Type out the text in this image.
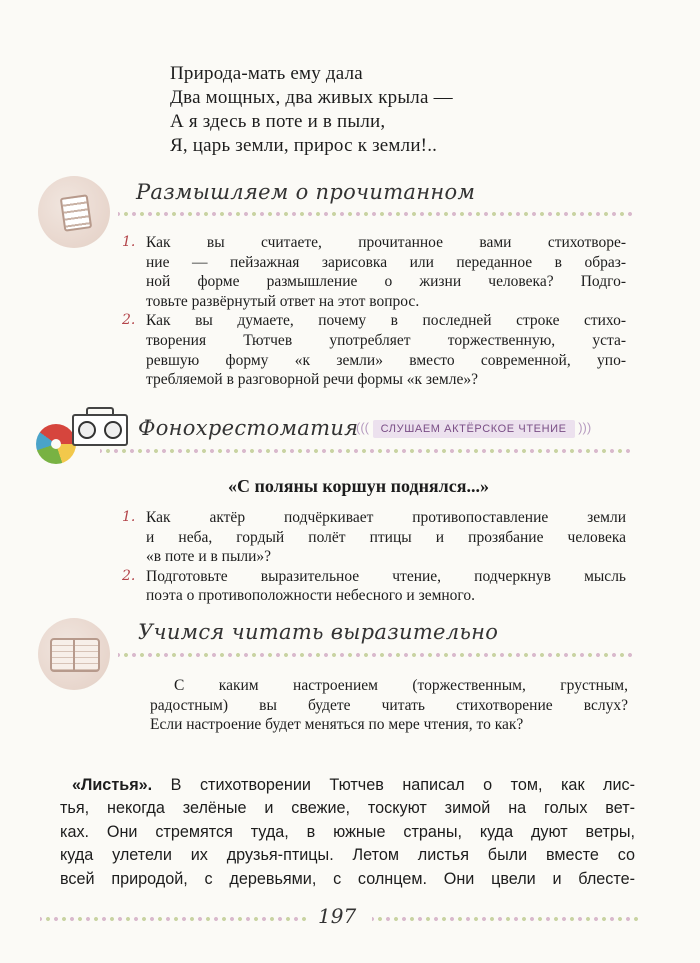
Природа-мать ему дала
Два мощных, два живых крыла —
А я здесь в поте и в пыли,
Я, царь земли, прирос к земли!..
Размышляем о прочитанном
1. Как вы считаете, прочитанное вами стихотворе-
ние — пейзажная зарисовка или переданное в образ-
ной форме размышление о жизни человека? Подго-
товьте развёрнутый ответ на этот вопрос.
2. Как вы думаете, почему в последней строке стихо-
творения Тютчев употребляет торжественную, уста-
ревшую форму «к земли» вместо современной, упо-
требляемой в разговорной речи формы «к земле»?
Фонохрестоматия
((( СЛУШАЕМ АКТЁРСКОЕ ЧТЕНИЕ )))
«С поляны коршун поднялся...»
1. Как актёр подчёркивает противопоставление земли
и неба, гордый полёт птицы и прозябание человека
«в поте и в пыли»?
2. Подготовьте выразительное чтение, подчеркнув мысль
поэта о противоположности небесного и земного.
Учимся читать выразительно
С каким настроением (торжественным, грустным,
радостным) вы будете читать стихотворение вслух?
Если настроение будет меняться по мере чтения, то как?
«Листья». В стихотворении Тютчев написал о том, как лис-
тья, некогда зелёные и свежие, тоскуют зимой на голых вет-
ках. Они стремятся туда, в южные страны, куда дуют ветры,
куда улетели их друзья-птицы. Летом листья были вместе со
всей природой, с деревьями, с солнцем. Они цвели и блесте-
197
